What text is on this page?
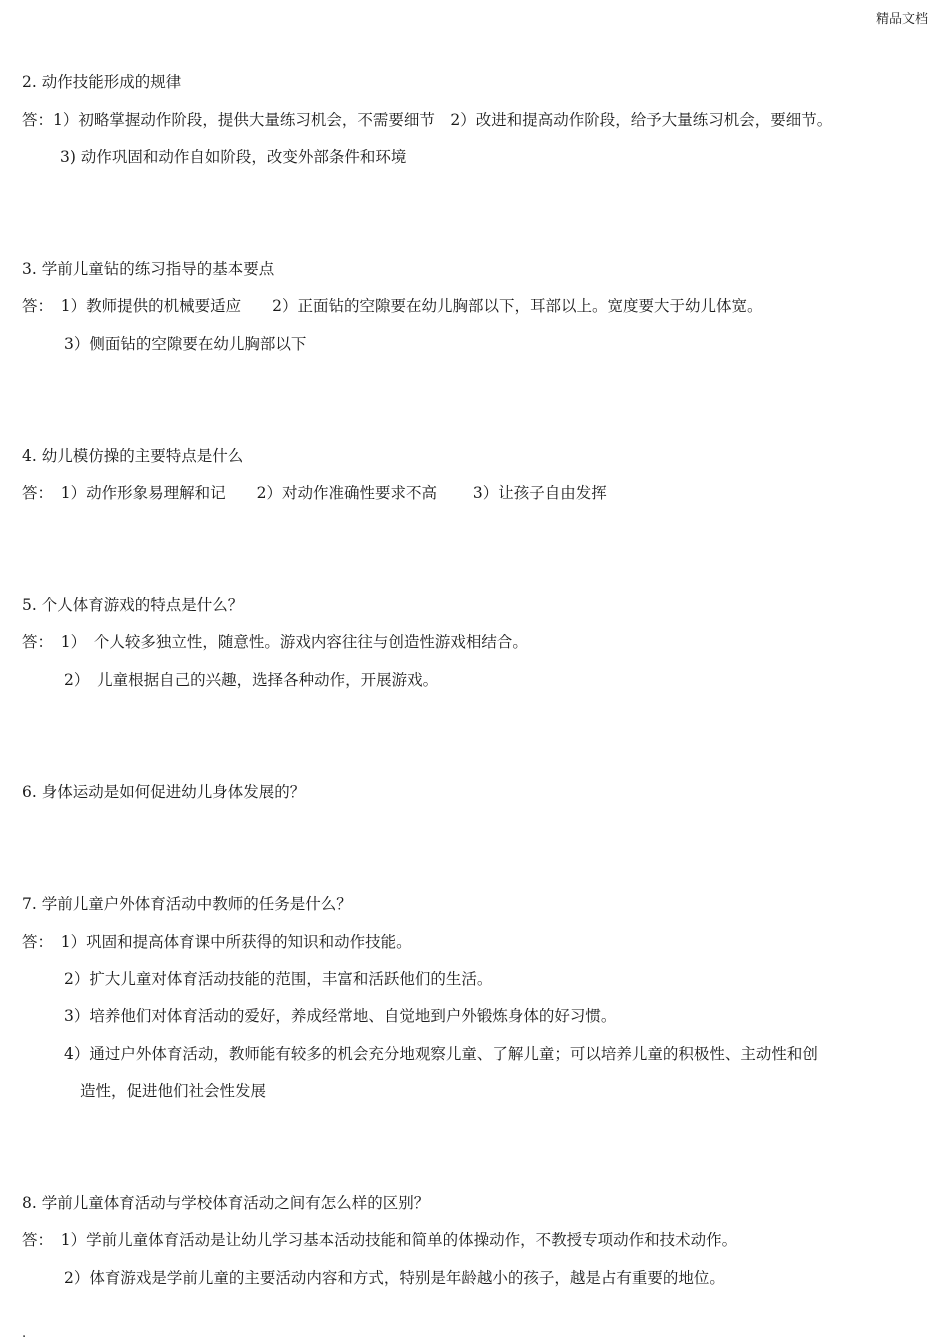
精品文档
2. 动作技能形成的规律
答：1）初略掌握动作阶段，提供大量练习机会，不需要细节　2）改进和提高动作阶段，给予大量练习机会，要细节。
3) 动作巩固和动作自如阶段，改变外部条件和环境
3. 学前儿童钻的练习指导的基本要点
答：　1）教师提供的机械要适应　　2）正面钻的空隙要在幼儿胸部以下，耳部以上。宽度要大于幼儿体宽。
3）侧面钻的空隙要在幼儿胸部以下
4. 幼儿模仿操的主要特点是什么
答：　1）动作形象易理解和记　　2）对动作准确性要求不高　　 3）让孩子自由发挥
5. 个人体育游戏的特点是什么？
答：　1）　个人较多独立性，随意性。游戏内容往往与创造性游戏相结合。
2）　儿童根据自己的兴趣，选择各种动作，开展游戏。
6. 身体运动是如何促进幼儿身体发展的？
7. 学前儿童户外体育活动中教师的任务是什么？
答：　1）巩固和提高体育课中所获得的知识和动作技能。
2）扩大儿童对体育活动技能的范围，丰富和活跃他们的生活。
3）培养他们对体育活动的爱好，养成经常地、自觉地到户外锻炼身体的好习惯。
4）通过户外体育活动，教师能有较多的机会充分地观察儿童、了解儿童；可以培养儿童的积极性、主动性和创
造性，促进他们社会性发展
8. 学前儿童体育活动与学校体育活动之间有怎么样的区别？
答：　1）学前儿童体育活动是让幼儿学习基本活动技能和简单的体操动作，不教授专项动作和技术动作。
2）体育游戏是学前儿童的主要活动内容和方式，特别是年龄越小的孩子，越是占有重要的地位。
.
